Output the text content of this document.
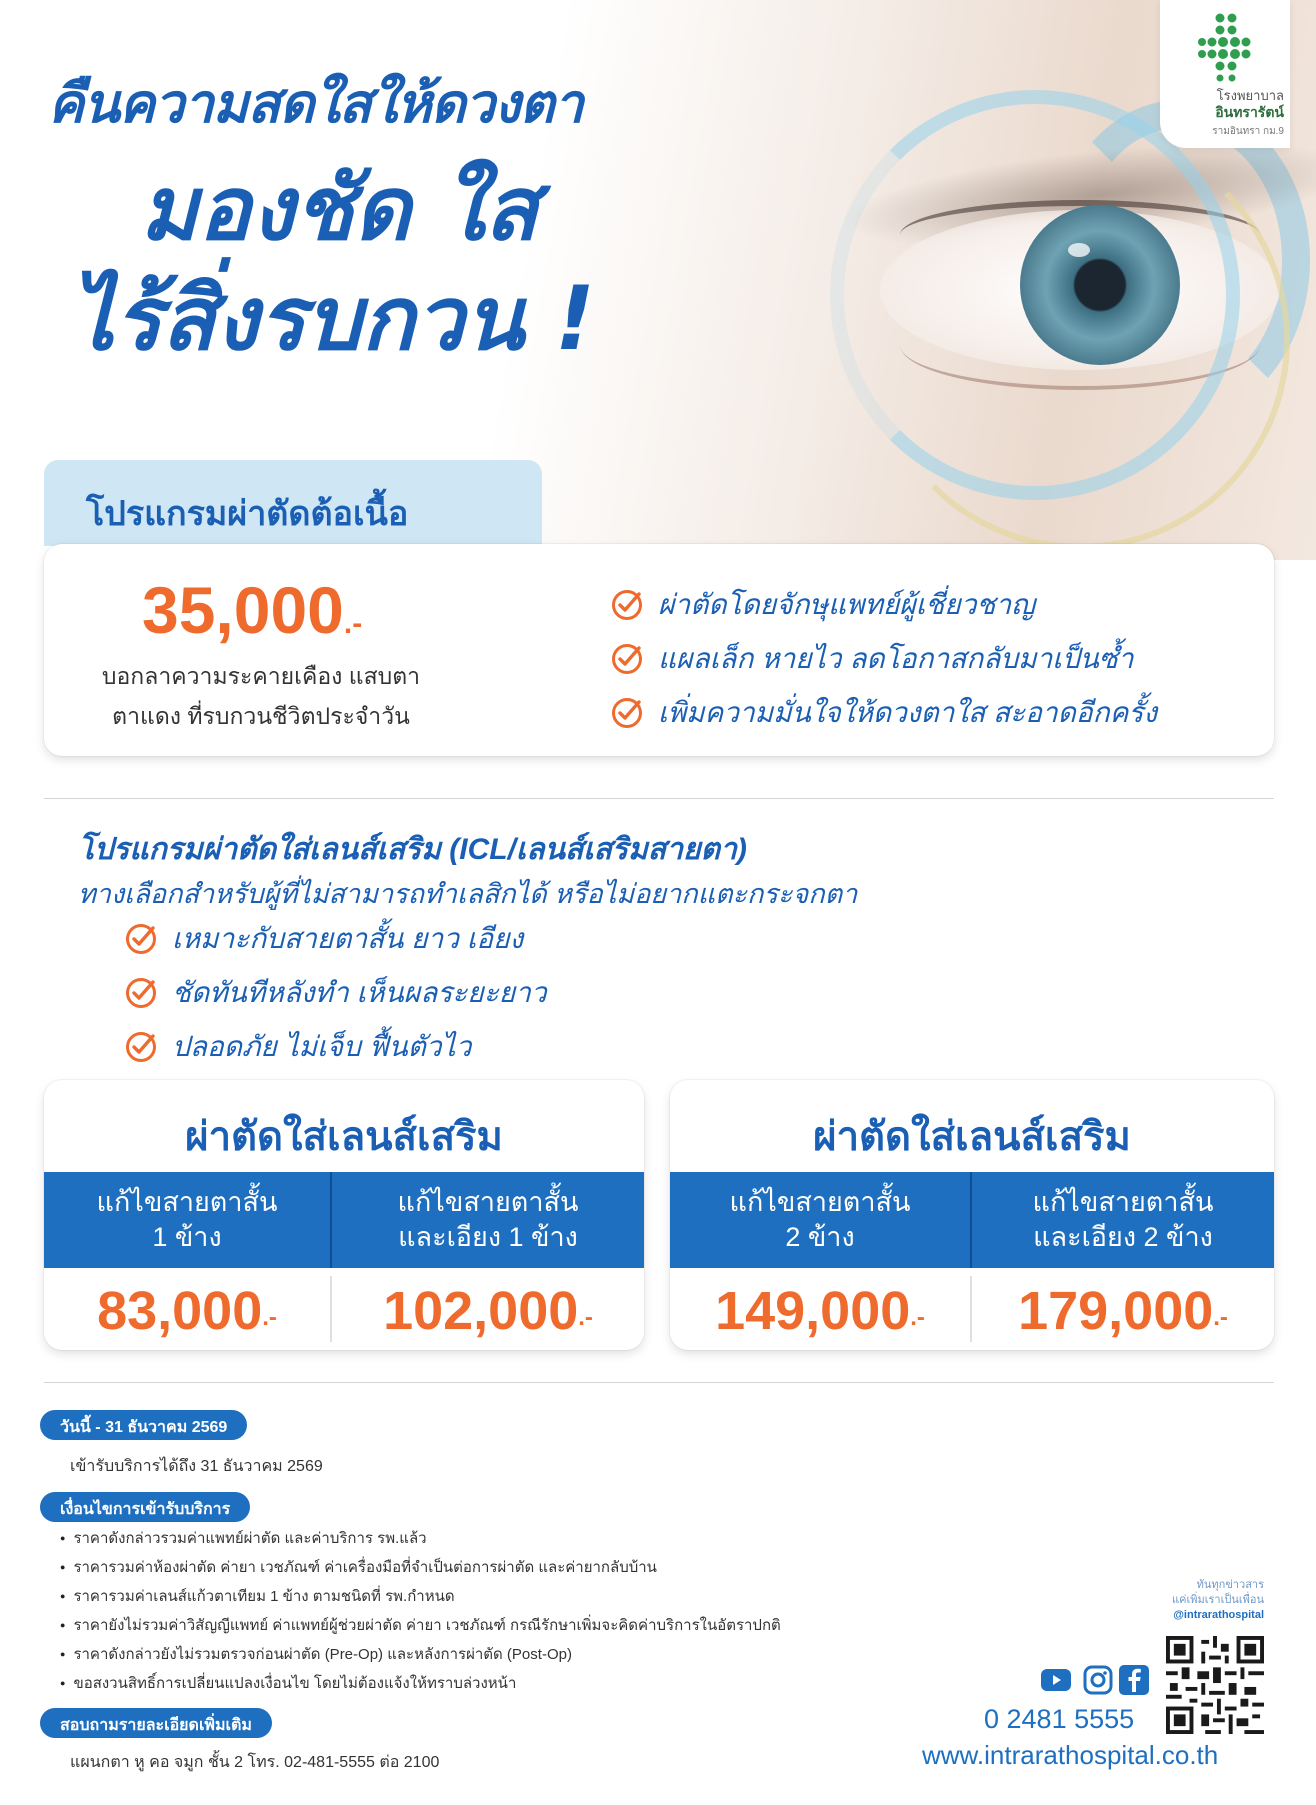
คืนความสดใสให้ดวงตา
มองชัด ใส
ไร้สิ่งรบกวน !
โรงพยาบาล
อินทรารัตน์
รามอินทรา กม.9
โปรแกรมผ่าตัดต้อเนื้อ
35,000.-
บอกลาความระคายเคือง แสบตา ตาแดง ที่รบกวนชีวิตประจำวัน
ผ่าตัดโดยจักษุแพทย์ผู้เชี่ยวชาญ
แผลเล็ก หายไว ลดโอกาสกลับมาเป็นซ้ำ
เพิ่มความมั่นใจให้ดวงตาใส สะอาดอีกครั้ง
โปรแกรมผ่าตัดใส่เลนส์เสริม (ICL/เลนส์เสริมสายตา)
ทางเลือกสำหรับผู้ที่ไม่สามารถทำเลสิกได้ หรือไม่อยากแตะกระจกตา
เหมาะกับสายตาสั้น ยาว เอียง
ชัดทันทีหลังทำ เห็นผลระยะยาว
ปลอดภัย ไม่เจ็บ ฟื้นตัวไว
ผ่าตัดใส่เลนส์เสริม
แก้ไขสายตาสั้น
1 ข้าง
แก้ไขสายตาสั้น
และเอียง 1 ข้าง
83,000 .- 102,000 .-
ผ่าตัดใส่เลนส์เสริม
แก้ไขสายตาสั้น
2 ข้าง
แก้ไขสายตาสั้น
และเอียง 2 ข้าง
149,000 .- 179,000 .-
วันนี้ - 31 ธันวาคม 2569
เข้ารับบริการได้ถึง 31 ธันวาคม 2569
เงื่อนไขการเข้ารับบริการ
● ราคาดังกล่าวรวมค่าแพทย์ผ่าตัด และค่าบริการ รพ.แล้ว
● ราคารวมค่าห้องผ่าตัด ค่ายา เวชภัณฑ์ ค่าเครื่องมือที่จำเป็นต่อการผ่าตัด และค่ายากลับบ้าน
● ราคารวมค่าเลนส์แก้วตาเทียม 1 ข้าง ตามชนิดที่ รพ.กำหนด
● ราคายังไม่รวมค่าวิสัญญีแพทย์ ค่าแพทย์ผู้ช่วยผ่าตัด ค่ายา เวชภัณฑ์ กรณีรักษาเพิ่มจะคิดค่าบริการในอัตราปกติ
● ราคาดังกล่าวยังไม่รวมตรวจก่อนผ่าตัด (Pre-Op) และหลังการผ่าตัด (Post-Op)
● ขอสงวนสิทธิ์การเปลี่ยนแปลงเงื่อนไข โดยไม่ต้องแจ้งให้ทราบล่วงหน้า
สอบถามรายละเอียดเพิ่มเติม
แผนกตา หู คอ จมูก ชั้น 2 โทร. 02-481-5555 ต่อ 2100
ทันทุกข่าวสาร
แค่เพิ่มเราเป็นเพื่อน
@intrarathospital
0 2481 5555
www.intrarathospital.co.th
